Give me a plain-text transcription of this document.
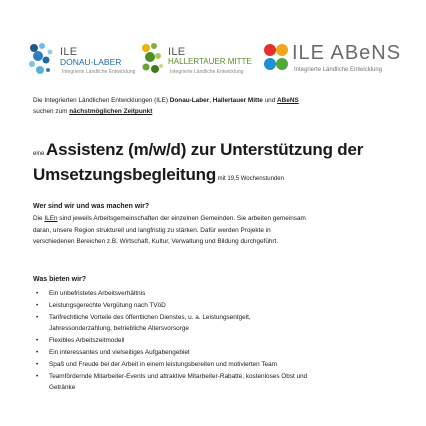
ILE
DONAU-LABER
Integrierte Ländliche Entwicklung
ILE
HALLERTAUER MITTE
Integrierte Ländliche Entwicklung
ILE ABeNS
Integrierte Ländliche Entwicklung
Die Integrierten Ländlichen Entwicklungen (ILE) Donau-Laber, Hallertauer Mitte und ABeNS
suchen zum nächstmöglichen Zeitpunkt
eine Assistenz (m/w/d) zur Unterstützung der
Umsetzungsbegleitung mit 19,5 Wochenstunden
Wer sind wir und was machen wir?
Die ILEn sind jeweils Arbeitsgemeinschaften der einzelnen Gemeinden. Sie arbeiten gemeinsam
daran, unsere Region strukturell und langfristig zu stärken. Dafür werden Projekte in
verschiedenen Bereichen z.B. Wirtschaft, Kultur, Verwaltung und Bildung durchgeführt.
Was bieten wir?
• Ein unbefristetes Arbeitsverhältnis
• Leistungsgerechte Vergütung nach TVöD
• Tarifrechtliche Vorteile des öffentlichen Dienstes, u. a. Leistungsentgelt,
Jahressonderzahlung, betriebliche Altersvorsorge
• Flexibles Arbeitszeitmodell
• Ein interessantes und vielseitiges Aufgabengebiet
• Spaß und Freude bei der Arbeit in einem leistungsbereiten und motivierten Team
• Teamfördernde Mitarbeiter-Events und attraktive Mitarbeiter-Rabatte, kostenloses Obst und
Getränke
